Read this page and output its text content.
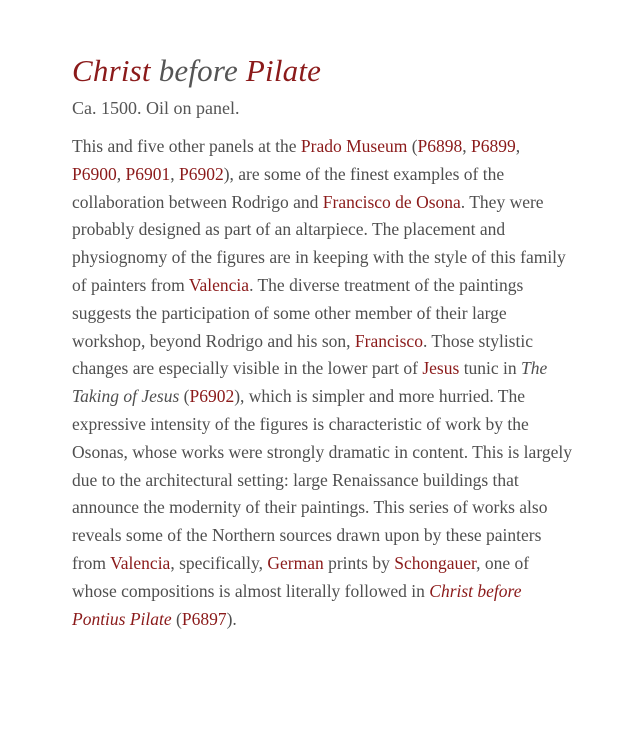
Christ before Pilate

Ca. 1500. Oil on panel.

This and five other panels at the Prado Museum (P6898, P6899, P6900, P6901, P6902), are some of the finest examples of the collaboration between Rodrigo and Francisco de Osona. They were probably designed as part of an altarpiece. The placement and physiognomy of the figures are in keeping with the style of this family of painters from Valencia. The diverse treatment of the paintings suggests the participation of some other member of their large workshop, beyond Rodrigo and his son, Francisco. Those stylistic changes are especially visible in the lower part of Jesus tunic in The Taking of Jesus (P6902), which is simpler and more hurried. The expressive intensity of the figures is characteristic of work by the Osonas, whose works were strongly dramatic in content. This is largely due to the architectural setting: large Renaissance buildings that announce the modernity of their paintings. This series of works also reveals some of the Northern sources drawn upon by these painters from Valencia, specifically, German prints by Schongauer, one of whose compositions is almost literally followed in Christ before Pontius Pilate (P6897).
